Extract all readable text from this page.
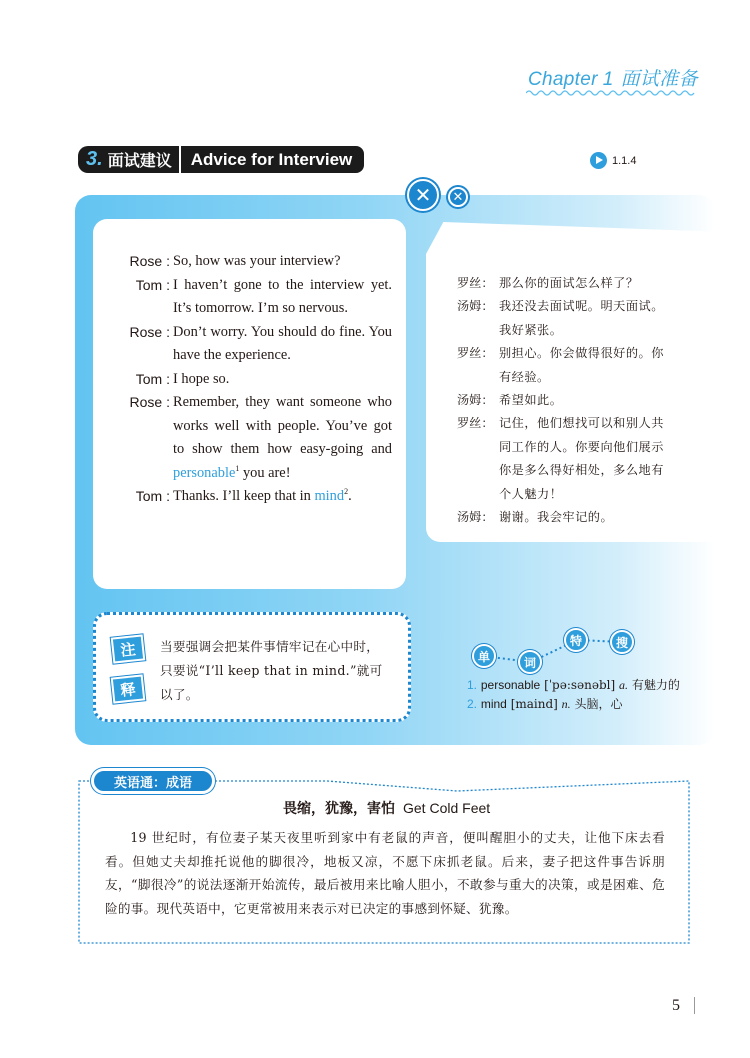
Chapter 1 面试准备
3. 面试建议	Advice for Interview	1.1.4
✕	✕
Rose : So, how was your interview?
Tom : I haven’t gone to the interview yet. It’s tomorrow. I’m so nervous.
Rose : Don’t worry. You should do fine. You have the experience.
Tom : I hope so.
Rose : Remember, they want someone who works well with people. You’ve got to show them how easy-going and personable$^1$ you are!
Tom : Thanks. I’ll keep that in mind$^2$.
罗丝： 那么你的面试怎么样了？
汤姆： 我还没去面试呢。明天面试。我好紧张。
罗丝： 别担心。你会做得很好的。你有经验。
汤姆： 希望如此。
罗丝： 记住，他们想找可以和别人共同工作的人。你要向他们展示你是多么得好相处，多么地有个人魅力！
汤姆： 谢谢。我会牢记的。
注
释
当要强调会把某件事情牢记在心中时，只要说“I’ll keep that in mind.”就可以了。
单	词
特	搜
1. personable [ˈpə:sənəbl] a. 有魅力的
2. mind [maind] n. 头脑，心
英语通：成语
畏缩，犹豫，害怕 Get Cold Feet
19 世纪时，有位妻子某天夜里听到家中有老鼠的声音，便叫醒胆小的丈夫，让他下床去看看。但她丈夫却推托说他的脚很冷，地板又凉，不愿下床抓老鼠。后来，妻子把这件事告诉朋友，“脚很冷”的说法逐渐开始流传，最后被用来比喻人胆小，不敢参与重大的决策，或是困难、危险的事。现代英语中，它更常被用来表示对已决定的事感到怀疑、犹豫。
5
